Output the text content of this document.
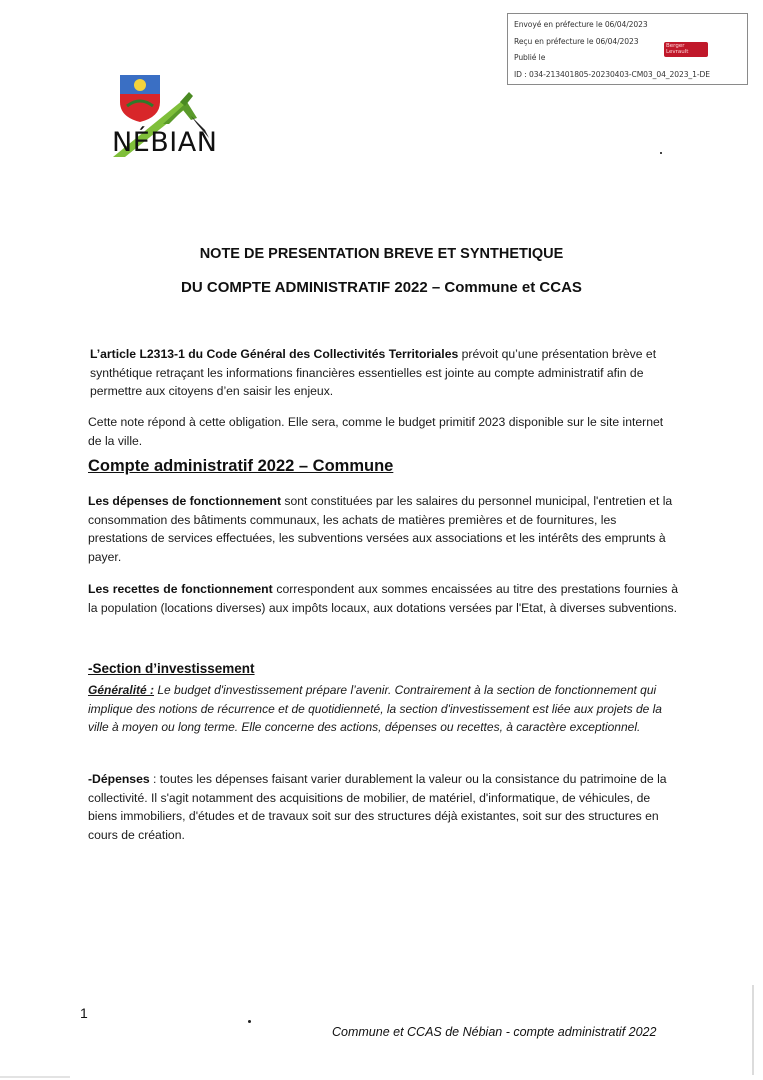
Envoyé en préfecture le 06/04/2023
Reçu en préfecture le 06/04/2023
Publié le
ID : 034-213401805-20230403-CM03_04_2023_1-DE
Berger Levrault
NÉBIAN
NOTE DE PRESENTATION BREVE ET SYNTHETIQUE
DU COMPTE ADMINISTRATIF 2022 – Commune et CCAS
L’article L2313-1 du Code Général des Collectivités Territoriales prévoit qu’une présentation brève et synthétique retraçant les informations financières essentielles est jointe au compte administratif afin de permettre aux citoyens d’en saisir les enjeux.
Cette note répond à cette obligation. Elle sera, comme le budget primitif 2023 disponible sur le site internet de la ville.
Compte administratif 2022 – Commune
Les dépenses de fonctionnement sont constituées par les salaires du personnel municipal, l'entretien et la consommation des bâtiments communaux, les achats de matières premières et de fournitures, les prestations de services effectuées, les subventions versées aux associations et les intérêts des emprunts à payer.
Les recettes de fonctionnement correspondent aux sommes encaissées au titre des prestations fournies à la population (locations diverses) aux impôts locaux, aux dotations versées par l'Etat, à diverses subventions.
-Section d’investissement
Généralité : Le budget d'investissement prépare l’avenir. Contrairement à la section de fonctionnement qui implique des notions de récurrence et de quotidienneté, la section d'investissement est liée aux projets de la ville à moyen ou long terme. Elle concerne des actions, dépenses ou recettes, à caractère exceptionnel.
-Dépenses : toutes les dépenses faisant varier durablement la valeur ou la consistance du patrimoine de la collectivité. Il s'agit notamment des acquisitions de mobilier, de matériel, d'informatique, de véhicules, de biens immobiliers, d'études et de travaux soit sur des structures déjà existantes, soit sur des structures en cours de création.
1
Commune et CCAS de Nébian - compte administratif 2022
